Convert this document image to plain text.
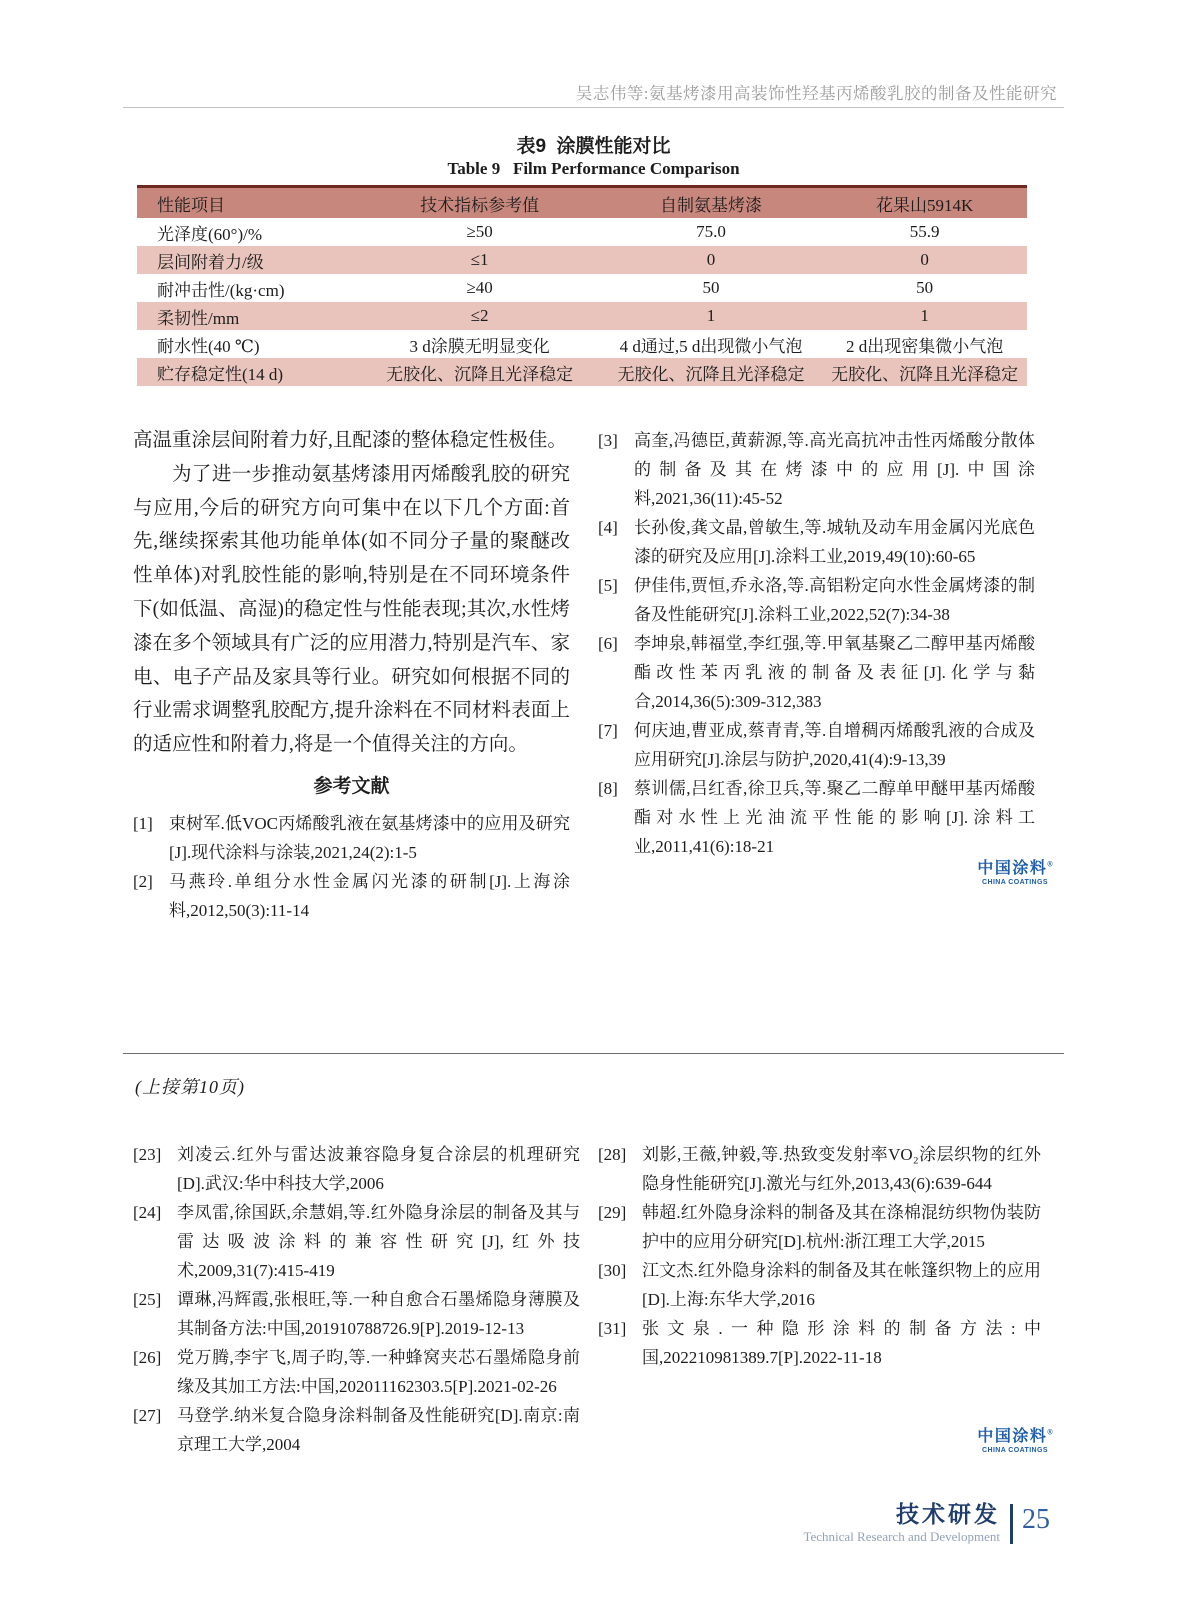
吴志伟等:氨基烤漆用高装饰性羟基丙烯酸乳胶的制备及性能研究
表9  涂膜性能对比
Table 9   Film Performance Comparison
性能项目	技术指标参考值	自制氨基烤漆	花果山5914K
光泽度(60°)/%	≥50	75.0	55.9
层间附着力/级	≤1	0	0
耐冲击性/(kg·cm)	≥40	50	50
柔韧性/mm	≤2	1	1
耐水性(40 ℃)	3 d涂膜无明显变化	4 d通过,5 d出现微小气泡	2 d出现密集微小气泡
贮存稳定性(14 d)	无胶化、沉降且光泽稳定	无胶化、沉降且光泽稳定	无胶化、沉降且光泽稳定

高温重涂层间附着力好,且配漆的整体稳定性极佳。

为了进一步推动氨基烤漆用丙烯酸乳胶的研究与应用,今后的研究方向可集中在以下几个方面:首先,继续探索其他功能单体(如不同分子量的聚醚改性单体)对乳胶性能的影响,特别是在不同环境条件下(如低温、高湿)的稳定性与性能表现;其次,水性烤漆在多个领域具有广泛的应用潜力,特别是汽车、家电、电子产品及家具等行业。研究如何根据不同的行业需求调整乳胶配方,提升涂料在不同材料表面上的适应性和附着力,将是一个值得关注的方向。

参考文献
[1] 束树军.低VOC丙烯酸乳液在氨基烤漆中的应用及研究[J].现代涂料与涂装,2021,24(2):1-5
[2] 马燕玲.单组分水性金属闪光漆的研制[J].上海涂料,2012,50(3):11-14
[3] 高奎,冯德臣,黄薪源,等.高光高抗冲击性丙烯酸分散体的制备及其在烤漆中的应用[J].中国涂料,2021,36(11):45-52
[4] 长孙俊,龚文晶,曾敏生,等.城轨及动车用金属闪光底色漆的研究及应用[J].涂料工业,2019,49(10):60-65
[5] 伊佳伟,贾恒,乔永洛,等.高铝粉定向水性金属烤漆的制备及性能研究[J].涂料工业,2022,52(7):34-38
[6] 李坤泉,韩福堂,李红强,等.甲氧基聚乙二醇甲基丙烯酸酯改性苯丙乳液的制备及表征[J].化学与黏合,2014,36(5):309-312,383
[7] 何庆迪,曹亚成,蔡青青,等.自增稠丙烯酸乳液的合成及应用研究[J].涂层与防护,2020,41(4):9-13,39
[8] 蔡训儒,吕红香,徐卫兵,等.聚乙二醇单甲醚甲基丙烯酸酯对水性上光油流平性能的影响[J].涂料工业,2011,41(6):18-21
中国涂料®
CHINA COATINGS
(上接第10页)
[23] 刘凌云.红外与雷达波兼容隐身复合涂层的机理研究[D].武汉:华中科技大学,2006
[24] 李凤雷,徐国跃,余慧娟,等.红外隐身涂层的制备及其与雷达吸波涂料的兼容性研究[J],红外技术,2009,31(7):415-419
[25] 谭琳,冯辉霞,张根旺,等.一种自愈合石墨烯隐身薄膜及其制备方法:中国,201910788726.9[P].2019-12-13
[26] 党万腾,李宇飞,周子昀,等.一种蜂窝夹芯石墨烯隐身前缘及其加工方法:中国,202011162303.5[P].2021-02-26
[27] 马登学.纳米复合隐身涂料制备及性能研究[D].南京:南京理工大学,2004
[28] 刘影,王薇,钟毅,等.热致变发射率VO₂涂层织物的红外隐身性能研究[J].激光与红外,2013,43(6):639-644
[29] 韩超.红外隐身涂料的制备及其在涤棉混纺织物伪装防护中的应用分研究[D].杭州:浙江理工大学,2015
[30] 江文杰.红外隐身涂料的制备及其在帐篷织物上的应用[D].上海:东华大学,2016
[31] 张文泉.一种隐形涂料的制备方法:中国,202210981389.7[P].2022-11-18
中国涂料®
CHINA COATINGS
技术研发
Technical Research and Development
25
